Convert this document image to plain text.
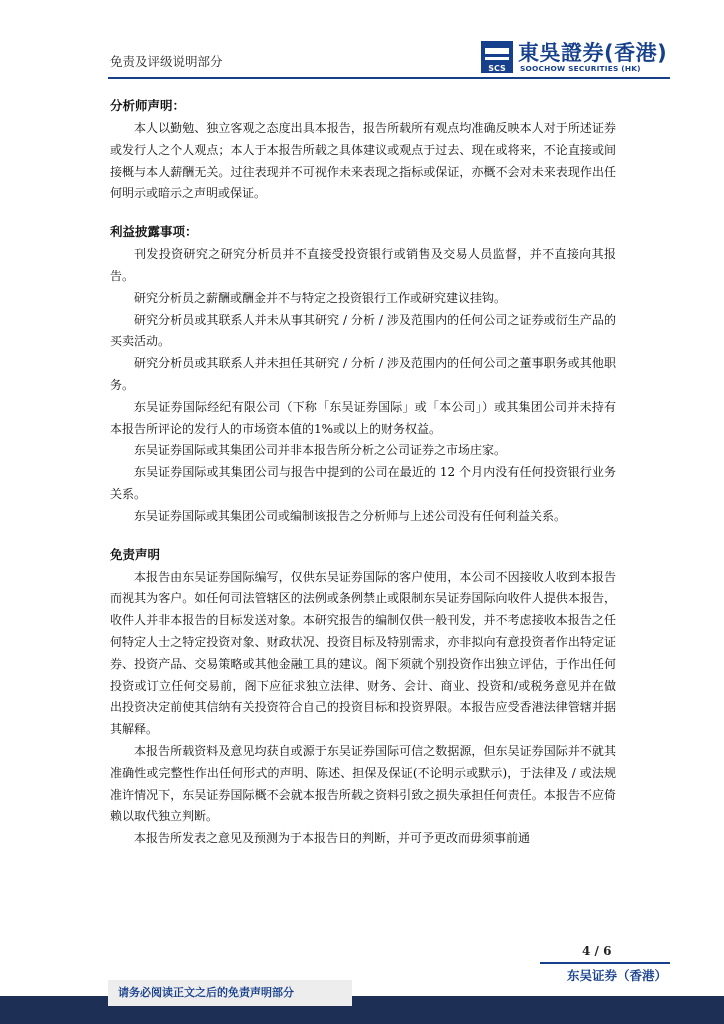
免责及评级说明部分	SCS
東吳證券(香港)
SOOCHOW SECURITIES (HK)
分析师声明：

本人以勤勉、独立客观之态度出具本报告，报告所载所有观点均准确反映本人对于所述证券或发行人之个人观点；本人于本报告所载之具体建议或观点于过去、现在或将来，不论直接或间接概与本人薪酬无关。过往表现并不可视作未来表现之指标或保证，亦概不会对未来表现作出任何明示或暗示之声明或保证。

利益披露事项：

刊发投资研究之研究分析员并不直接受投资银行或销售及交易人员监督，并不直接向其报告。

研究分析员之薪酬或酬金并不与特定之投资银行工作或研究建议挂钩。

研究分析员或其联系人并未从事其研究 / 分析 / 涉及范围内的任何公司之证券或衍生产品的买卖活动。

研究分析员或其联系人并未担任其研究 / 分析 / 涉及范围内的任何公司之董事职务或其他职务。

东吴证券国际经纪有限公司（下称「东吴证券国际」或「本公司」）或其集团公司并未持有本报告所评论的发行人的市场资本值的1%或以上的财务权益。

东吴证券国际或其集团公司并非本报告所分析之公司证券之市场庄家。

东吴证券国际或其集团公司与报告中提到的公司在最近的 12 个月内没有任何投资银行业务关系。

东吴证券国际或其集团公司或编制该报告之分析师与上述公司没有任何利益关系。

免责声明

本报告由东吴证券国际编写，仅供东吴证券国际的客户使用，本公司不因接收人收到本报告而视其为客户。如任何司法管辖区的法例或条例禁止或限制东吴证券国际向收件人提供本报告，收件人并非本报告的目标发送对象。本研究报告的编制仅供一般刊发，并不考虑接收本报告之任何特定人士之特定投资对象、财政状况、投资目标及特别需求，亦非拟向有意投资者作出特定证券、投资产品、交易策略或其他金融工具的建议。阁下须就个别投资作出独立评估，于作出任何投资或订立任何交易前，阁下应征求独立法律、财务、会计、商业、投资和/或税务意见并在做出投资决定前使其信纳有关投资符合自己的投资目标和投资界限。本报告应受香港法律管辖并据其解释。

本报告所载资料及意见均获自或源于东吴证券国际可信之数据源，但东吴证券国际并不就其准确性或完整性作出任何形式的声明、陈述、担保及保证(不论明示或默示)，于法律及 / 或法规准许情况下，东吴证券国际概不会就本报告所载之资料引致之损失承担任何责任。本报告不应倚赖以取代独立判断。

本报告所发表之意见及预测为于本报告日的判断，并可予更改而毋须事前通

4 / 6
东吴证券（香港）
请务必阅读正文之后的免责声明部分
